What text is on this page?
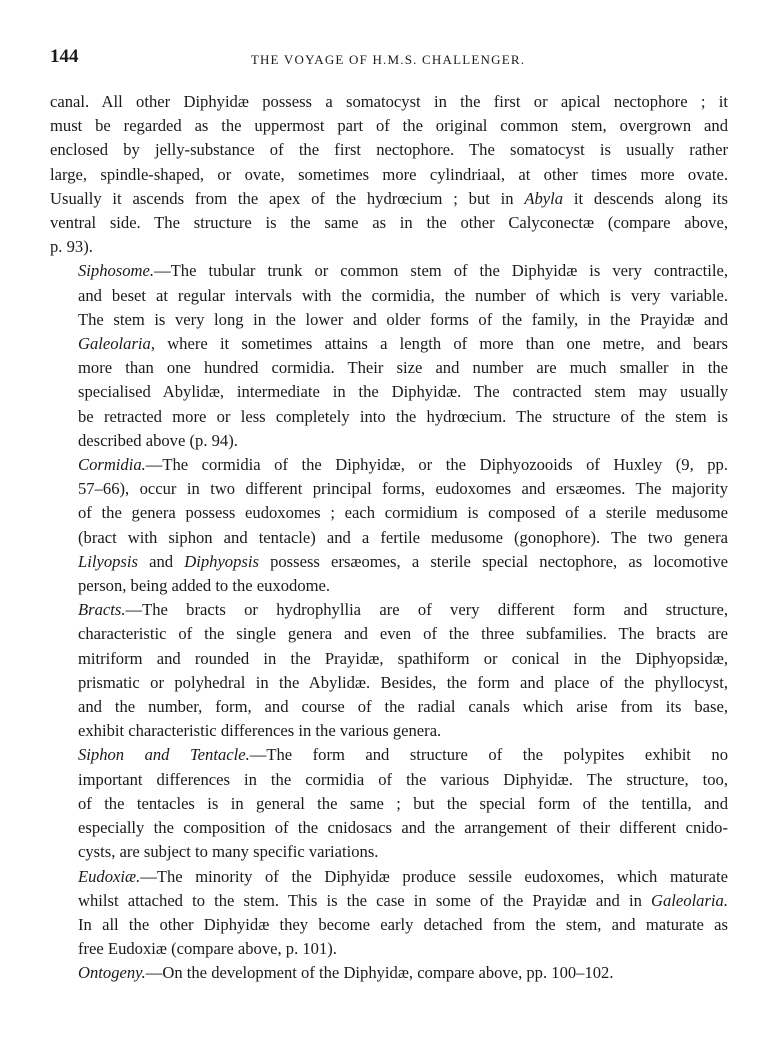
144	THE VOYAGE OF H.M.S. CHALLENGER.

canal. All other Diphyidæ possess a somatocyst in the first or apical nectophore ; it
must be regarded as the uppermost part of the original common stem, overgrown and
enclosed by jelly-substance of the first nectophore. The somatocyst is usually rather
large, spindle-shaped, or ovate, sometimes more cylindriaal, at other times more ovate.
Usually it ascends from the apex of the hydrœcium ; but in Abyla it descends along its
ventral side. The structure is the same as in the other Calyconectæ (compare above,
p. 93).

Siphosome.—The tubular trunk or common stem of the Diphyidæ is very contractile,
and beset at regular intervals with the cormidia, the number of which is very variable.
The stem is very long in the lower and older forms of the family, in the Prayidæ and
Galeolaria, where it sometimes attains a length of more than one metre, and bears
more than one hundred cormidia. Their size and number are much smaller in the
specialised Abylidæ, intermediate in the Diphyidæ. The contracted stem may usually
be retracted more or less completely into the hydrœcium. The structure of the stem is
described above (p. 94).

Cormidia.—The cormidia of the Diphyidæ, or the Diphyozooids of Huxley (9, pp.
57–66), occur in two different principal forms, eudoxomes and ersæomes. The majority
of the genera possess eudoxomes ; each cormidium is composed of a sterile medusome
(bract with siphon and tentacle) and a fertile medusome (gonophore). The two genera
Lilyopsis and Diphyopsis possess ersæomes, a sterile special nectophore, as locomotive
person, being added to the euxodome.

Bracts.—The bracts or hydrophyllia are of very different form and structure,
characteristic of the single genera and even of the three subfamilies. The bracts are
mitriform and rounded in the Prayidæ, spathiform or conical in the Diphyopsidæ,
prismatic or polyhedral in the Abylidæ. Besides, the form and place of the phyllocyst,
and the number, form, and course of the radial canals which arise from its base,
exhibit characteristic differences in the various genera.

Siphon and Tentacle.—The form and structure of the polypites exhibit no
important differences in the cormidia of the various Diphyidæ. The structure, too,
of the tentacles is in general the same ; but the special form of the tentilla, and
especially the composition of the cnidosacs and the arrangement of their different cnido-
cysts, are subject to many specific variations.

Eudoxiæ.—The minority of the Diphyidæ produce sessile eudoxomes, which maturate
whilst attached to the stem. This is the case in some of the Prayidæ and in Galeolaria.
In all the other Diphyidæ they become early detached from the stem, and maturate as
free Eudoxiæ (compare above, p. 101).

Ontogeny.—On the development of the Diphyidæ, compare above, pp. 100–102.
